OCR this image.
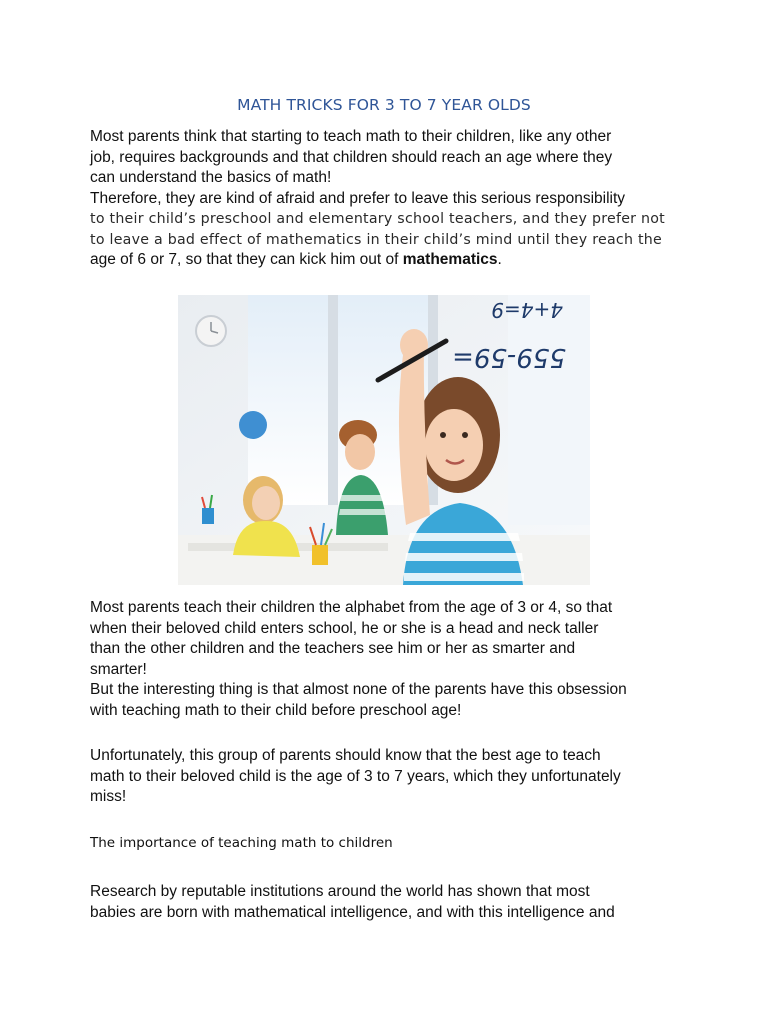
MATH TRICKS FOR 3 TO 7 YEAR OLDS

Most parents think that starting to teach math to their children, like any other
job, requires backgrounds and that children should reach an age where they
can understand the basics of math!
Therefore, they are kind of afraid and prefer to leave this serious responsibility
to their child’s preschool and elementary school teachers, and they prefer not
to leave a bad effect of mathematics in their child’s mind until they reach the
age of 6 or 7, so that they can kick him out of mathematics.

4+4=9
559-59=

Most parents teach their children the alphabet from the age of 3 or 4, so that
when their beloved child enters school, he or she is a head and neck taller
than the other children and the teachers see him or her as smarter and
smarter!
But the interesting thing is that almost none of the parents have this obsession
with teaching math to their child before preschool age!

Unfortunately, this group of parents should know that the best age to teach
math to their beloved child is the age of 3 to 7 years, which they unfortunately
miss!

The importance of teaching math to children

Research by reputable institutions around the world has shown that most
babies are born with mathematical intelligence, and with this intelligence and
